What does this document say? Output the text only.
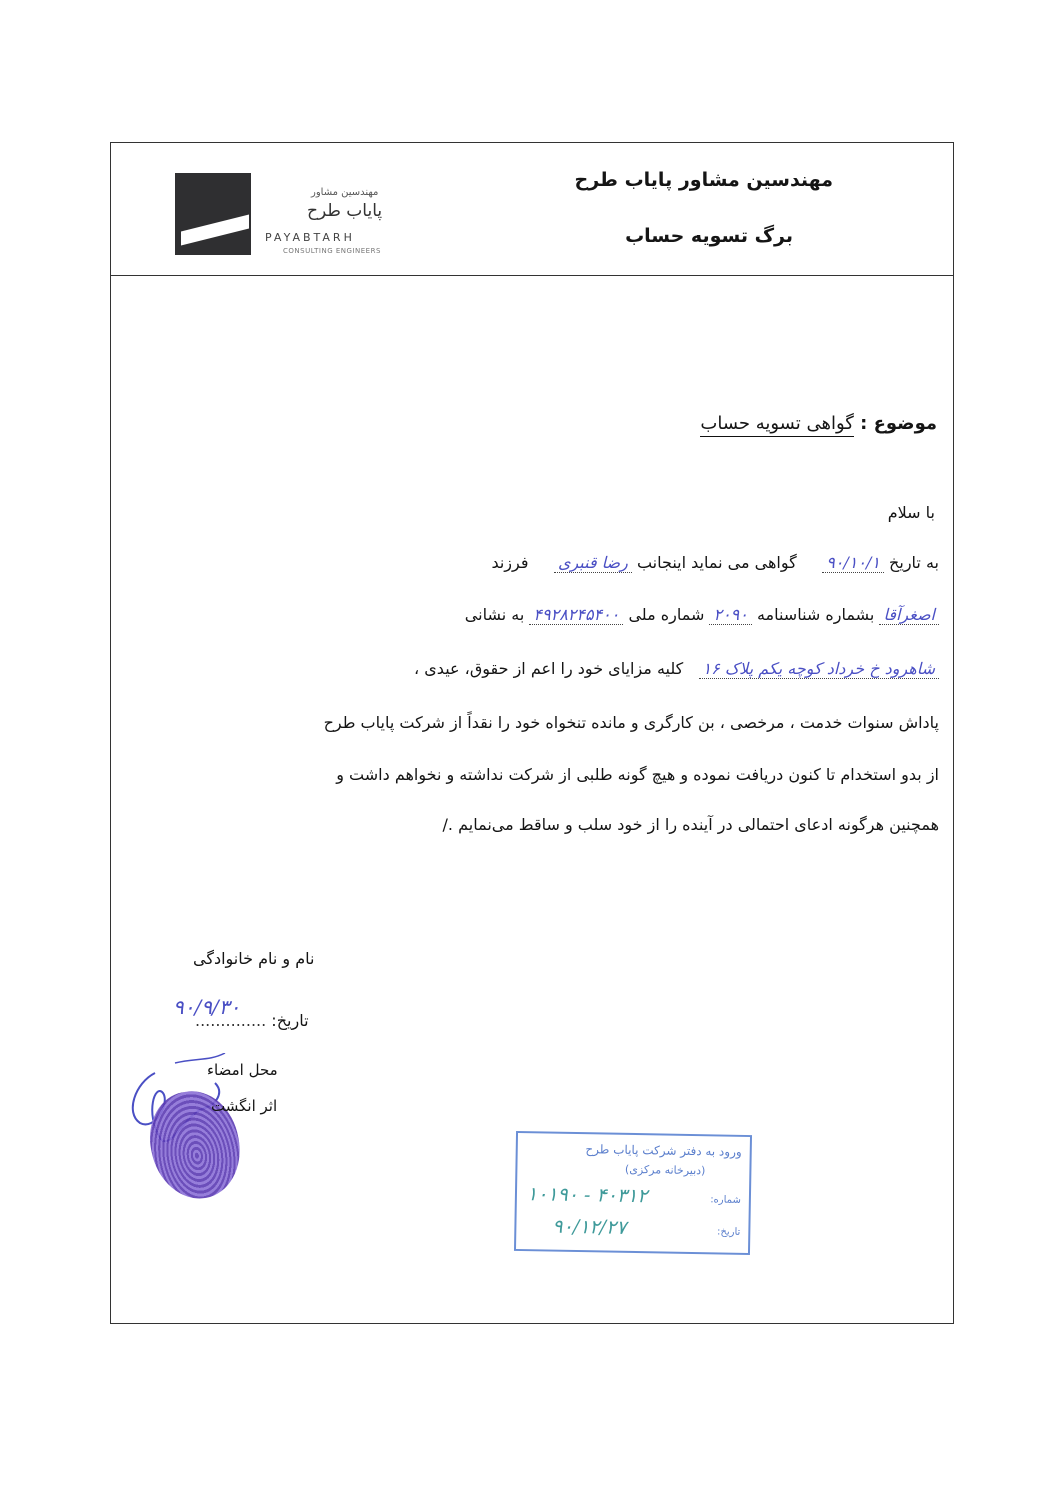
مهندسین مشاور پایاب طرح
برگ تسویه حساب
مهندسین مشاور
پایاب طرح
PAYABTARH
CONSULTING ENGINEERS
موضوع : گواهی تسویه حساب
با سلام
به تاریخ ۹۰/۱۰/۱     گواهی می نماید اینجانب رضا قنبری     فرزند
اصغرآقا بشماره شناسنامه ۲۰۹۰ شماره ملی ۴۹۲۸۲۴۵۴۰۰ به نشانی
شاهرود خ خرداد کوچه یکم پلاک ۱۶   کلیه مزایای خود را اعم از حقوق، عیدی ،
پاداش سنوات خدمت ، مرخصی ، بن کارگری و مانده تنخواه خود را نقداً از شرکت پایاب طرح
از بدو استخدام تا کنون دریافت نموده و هیچ گونه طلبی از شرکت نداشته و نخواهم داشت و
همچنین هرگونه ادعای احتمالی در آینده را از خود سلب و ساقط می‌نمایم ./
نام و نام خانوادگی
۹۰/۹/۳۰
تاریخ: ..............
محل امضاء
اثر انگشت
ورود به دفتر شرکت پایاب طرح
(دبیرخانه مرکزی)
شماره:
۱۰۱۹۰ - ۴۰۳۱۲
تاریخ:
۹۰/۱۲/۲۷
